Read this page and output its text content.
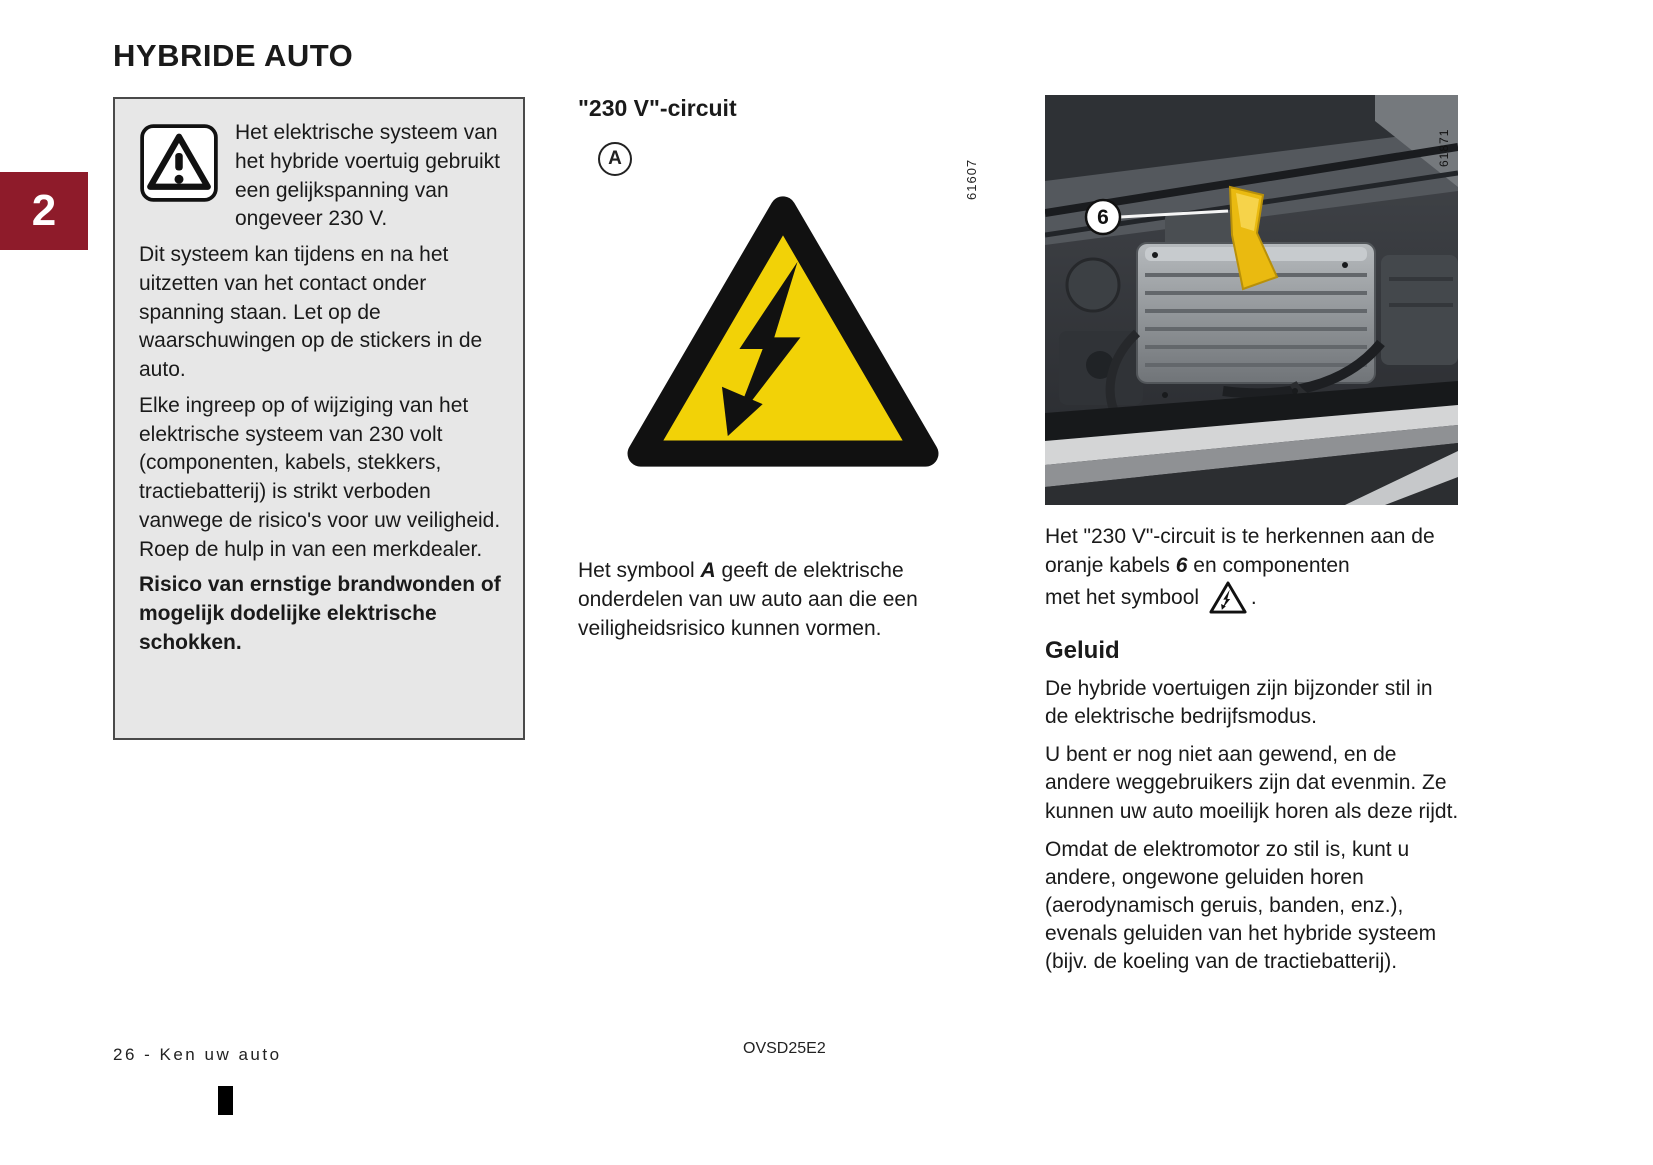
2
HYBRIDE AUTO

Het elektrische systeem van het hybride voertuig gebruikt een gelijkspanning van ongeveer 230 V.

Dit systeem kan tijdens en na het uitzetten van het contact onder spanning staan. Let op de waarschuwingen op de stickers in de auto.

Elke ingreep op of wijziging van het elektrische systeem van 230 volt (componenten, kabels, stekkers, tractiebatterij) is strikt verboden vanwege de risico's voor uw veiligheid. Roep de hulp in van een merkdealer.

Risico van ernstige brandwonden of mogelijk dodelijke elektrische schokken.

"230 V"-circuit
A

Het symbool A geeft de elektrische onderdelen van uw auto aan die een veiligheidsrisico kunnen vormen.

61607
6
61871

Het "230 V"-circuit is te herkennen aan de oranje kabels 6 en componenten
met het symbool .

Geluid

De hybride voertuigen zijn bijzonder stil in de elektrische bedrijfsmodus.

U bent er nog niet aan gewend, en de andere weggebruikers zijn dat evenmin. Ze kunnen uw auto moeilijk horen als deze rijdt.

Omdat de elektromotor zo stil is, kunt u andere, ongewone geluiden horen (aerodynamisch geruis, banden, enz.), evenals geluiden van het hybride systeem (bijv. de koeling van de tractiebatterij).

26 - Ken uw auto	OVSD25E2
